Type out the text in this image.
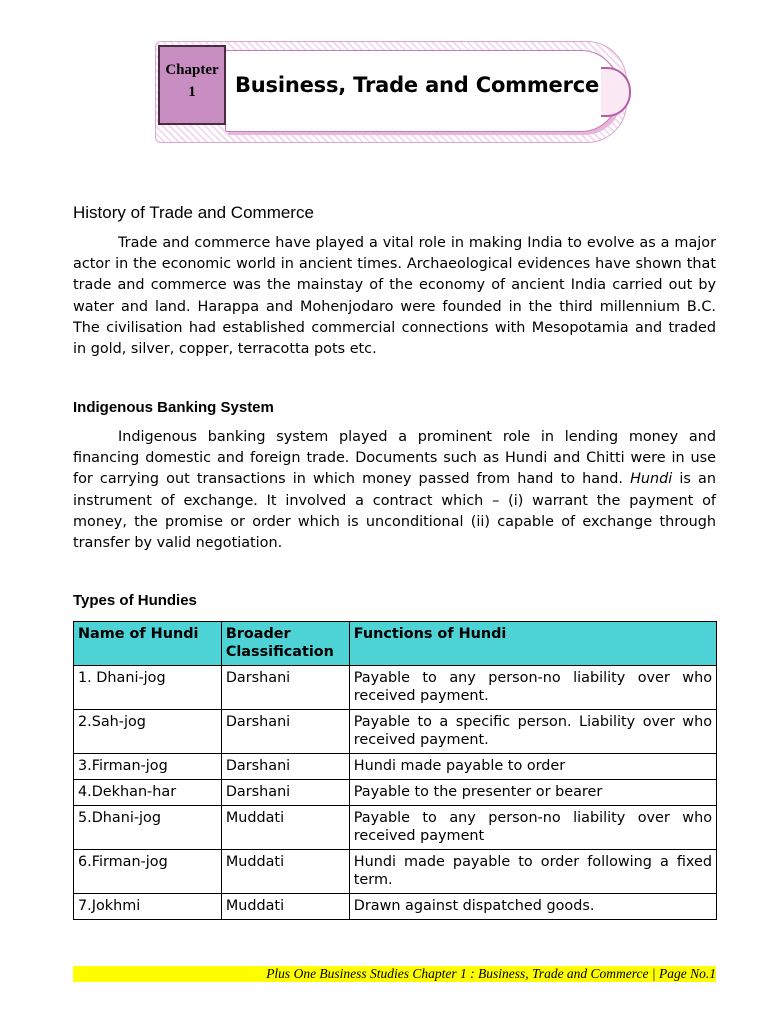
Chapter
1 Business, Trade and Commerce
History of Trade and Commerce

Trade and commerce have played a vital role in making India to evolve as a major actor in the economic world in ancient times. Archaeological evidences have shown that trade and commerce was the mainstay of the economy of ancient India carried out by water and land. Harappa and Mohenjodaro were founded in the third millennium B.C. The civilisation had established commercial connections with Mesopotamia and traded in gold, silver, copper, terracotta pots etc.

Indigenous Banking System

Indigenous banking system played a prominent role in lending money and financing domestic and foreign trade. Documents such as Hundi and Chitti were in use for carrying out transactions in which money passed from hand to hand. Hundi is an instrument of exchange. It involved a contract which – (i) warrant the payment of money, the promise or order which is unconditional (ii) capable of exchange through transfer by valid negotiation.

Types of Hundies
Name of Hundi	Broader Classification	Functions of Hundi
1. Dhani-jog	Darshani	Payable to any person-no liability over who received payment.
2.Sah-jog	Darshani	Payable to a specific person. Liability over who received payment.
3.Firman-jog	Darshani	Hundi made payable to order
4.Dekhan-har	Darshani	Payable to the presenter or bearer
5.Dhani-jog	Muddati	Payable to any person-no liability over who received payment
6.Firman-jog	Muddati	Hundi made payable to order following a fixed term.
7.Jokhmi	Muddati	Drawn against dispatched goods.
Plus One Business Studies Chapter 1 : Business, Trade and Commerce | Page No.1
